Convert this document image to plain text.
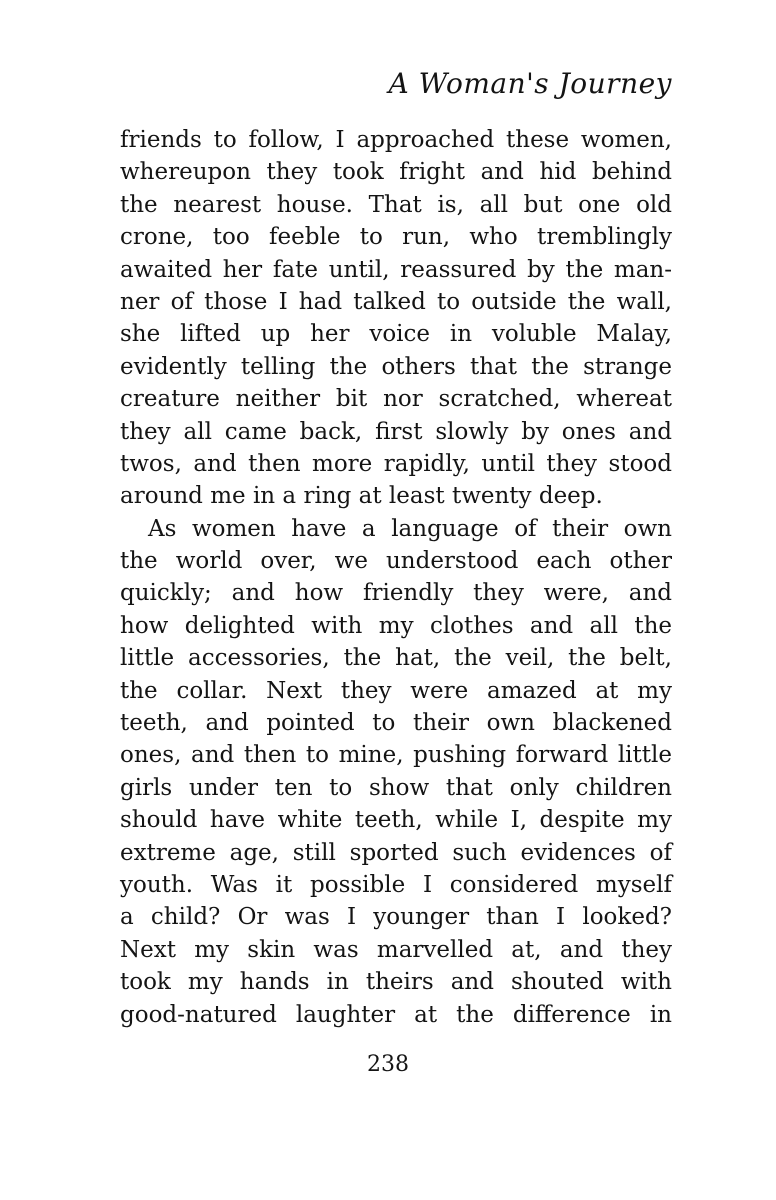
A Woman's Journey
friends to follow, I approached these women,
whereupon they took fright and hid behind
the nearest house. That is, all but one old
crone, too feeble to run, who tremblingly
awaited her fate until, reassured by the man-
ner of those I had talked to outside the wall,
she lifted up her voice in voluble Malay,
evidently telling the others that the strange
creature neither bit nor scratched, whereat
they all came back, first slowly by ones and
twos, and then more rapidly, until they stood
around me in a ring at least twenty deep.
As women have a language of their own
the world over, we understood each other
quickly; and how friendly they were, and
how delighted with my clothes and all the
little accessories, the hat, the veil, the belt,
the collar. Next they were amazed at my
teeth, and pointed to their own blackened
ones, and then to mine, pushing forward little
girls under ten to show that only children
should have white teeth, while I, despite my
extreme age, still sported such evidences of
youth. Was it possible I considered myself
a child? Or was I younger than I looked?
Next my skin was marvelled at, and they
took my hands in theirs and shouted with
good-natured laughter at the difference in
238
